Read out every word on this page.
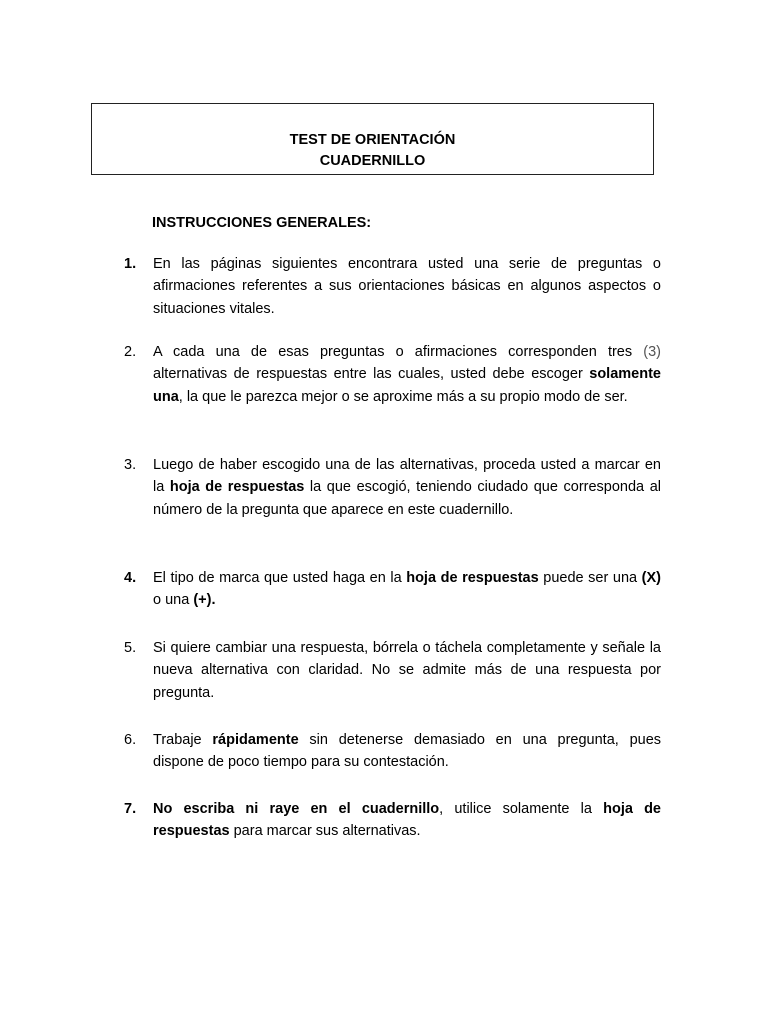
TEST DE ORIENTACIÓN
CUADERNILLO
INSTRUCCIONES GENERALES:
1.	En las páginas siguientes encontrara usted una serie de preguntas o afirmaciones referentes a sus orientaciones básicas en algunos aspectos o situaciones vitales.
2.	A cada una de esas preguntas o afirmaciones corresponden tres (3) alternativas de respuestas entre las cuales, usted debe escoger solamente una, la que le parezca mejor o se aproxime más a su propio modo de ser.
3.	Luego de haber escogido una de las alternativas, proceda usted a marcar en la hoja de respuestas la que escogió, teniendo ciudado que corresponda al número de la pregunta que aparece en este cuadernillo.
4.	El tipo de marca que usted haga en la hoja de respuestas puede ser una (X) o una (+).
5.	Si quiere cambiar una respuesta, bórrela o táchela completamente y señale la nueva alternativa con claridad. No se admite más de una respuesta por pregunta.
6.	Trabaje rápidamente sin detenerse demasiado en una pregunta, pues dispone de poco tiempo para su contestación.
7.	No escriba ni raye en el cuadernillo, utilice solamente la hoja de respuestas para marcar sus alternativas.
